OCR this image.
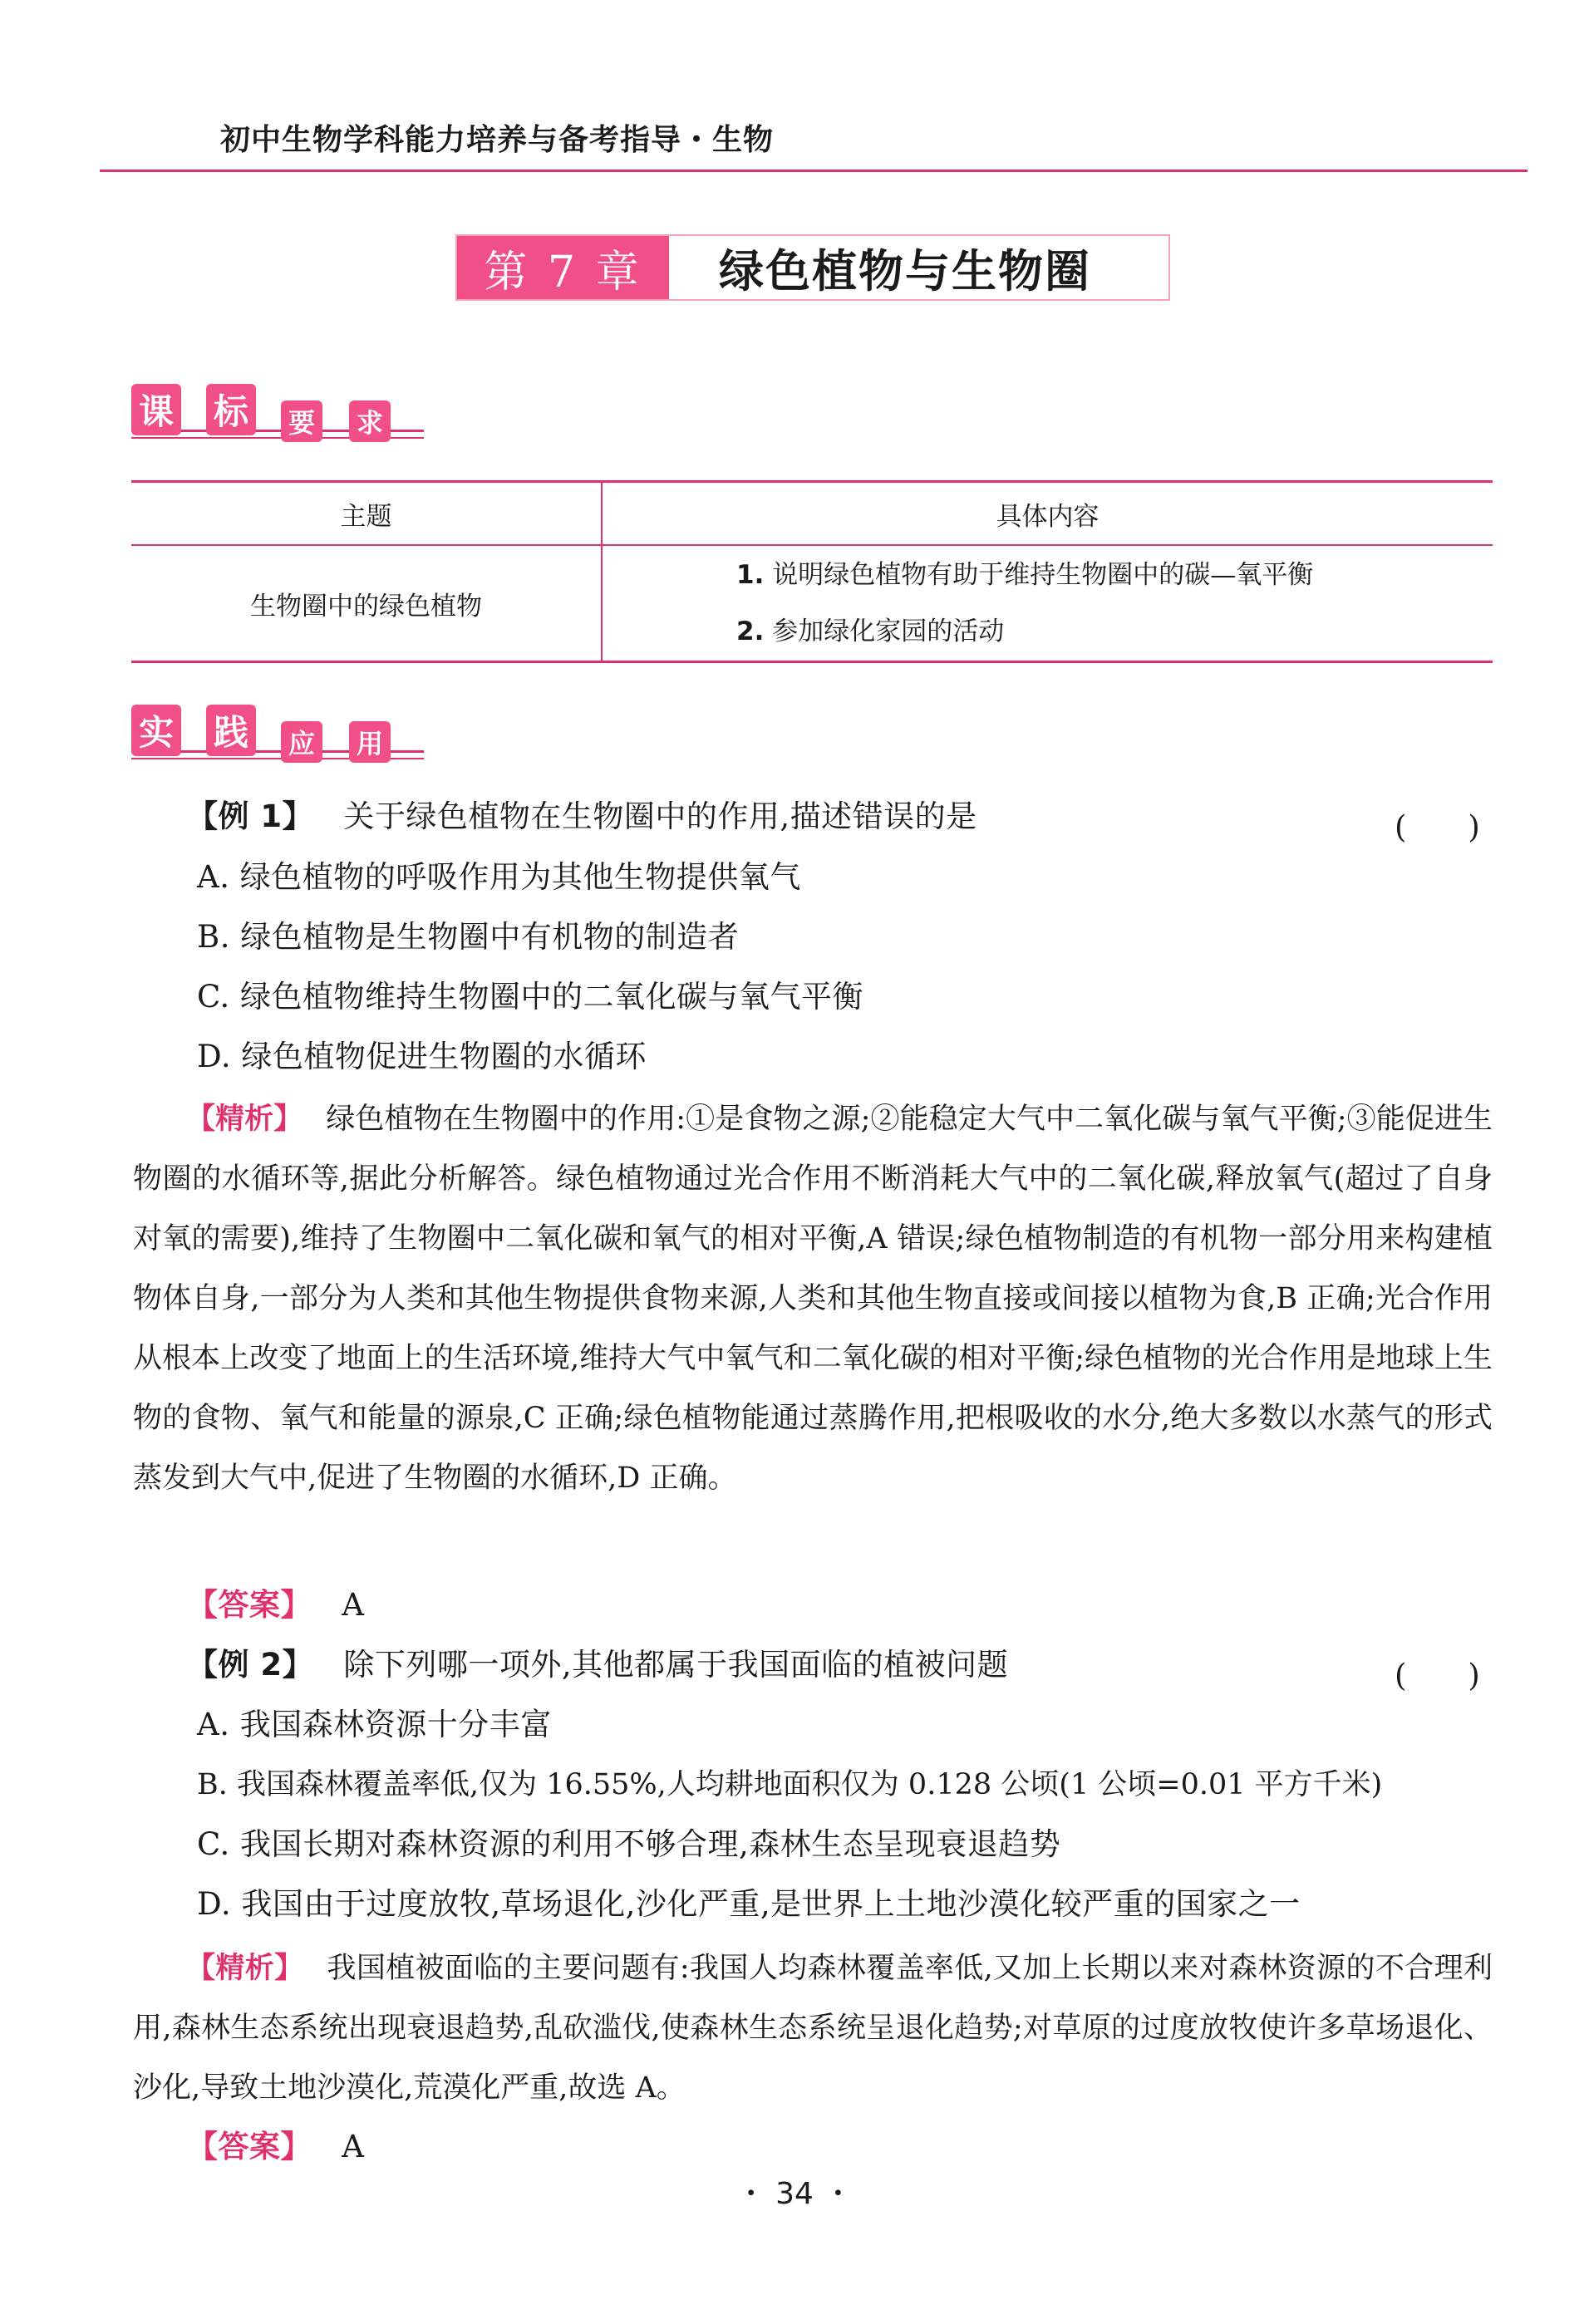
初中生物学科能力培养与备考指导・生物
第 7 章	绿色植物与生物圈
课 标 要 求
主题	具体内容
生物圈中的绿色植物	1. 说明绿色植物有助于维持生物圈中的碳—氧平衡
2. 参加绿化家园的活动
实 践 应 用
【例 1】 关于绿色植物在生物圈中的作用,描述错误的是	(　　)
A. 绿色植物的呼吸作用为其他生物提供氧气
B. 绿色植物是生物圈中有机物的制造者
C. 绿色植物维持生物圈中的二氧化碳与氧气平衡
D. 绿色植物促进生物圈的水循环
【精析】 绿色植物在生物圈中的作用:①是食物之源;②能稳定大气中二氧化碳与氧气平衡;③能促进生物圈的水循环等,据此分析解答。绿色植物通过光合作用不断消耗大气中的二氧化碳,释放氧气(超过了自身对氧的需要),维持了生物圈中二氧化碳和氧气的相对平衡,A 错误;绿色植物制造的有机物一部分用来构建植物体自身,一部分为人类和其他生物提供食物来源,人类和其他生物直接或间接以植物为食,B 正确;光合作用从根本上改变了地面上的生活环境,维持大气中氧气和二氧化碳的相对平衡;绿色植物的光合作用是地球上生物的食物、氧气和能量的源泉,C 正确;绿色植物能通过蒸腾作用,把根吸收的水分,绝大多数以水蒸气的形式蒸发到大气中,促进了生物圈的水循环,D 正确。
【答案】 A
【例 2】 除下列哪一项外,其他都属于我国面临的植被问题	(　　)
A. 我国森林资源十分丰富
B. 我国森林覆盖率低,仅为 16.55%,人均耕地面积仅为 0.128 公顷(1 公顷=0.01 平方千米)
C. 我国长期对森林资源的利用不够合理,森林生态呈现衰退趋势
D. 我国由于过度放牧,草场退化,沙化严重,是世界上土地沙漠化较严重的国家之一
【精析】 我国植被面临的主要问题有:我国人均森林覆盖率低,又加上长期以来对森林资源的不合理利用,森林生态系统出现衰退趋势,乱砍滥伐,使森林生态系统呈退化趋势;对草原的过度放牧使许多草场退化、沙化,导致土地沙漠化,荒漠化严重,故选 A。
【答案】 A
・ 34 ・
